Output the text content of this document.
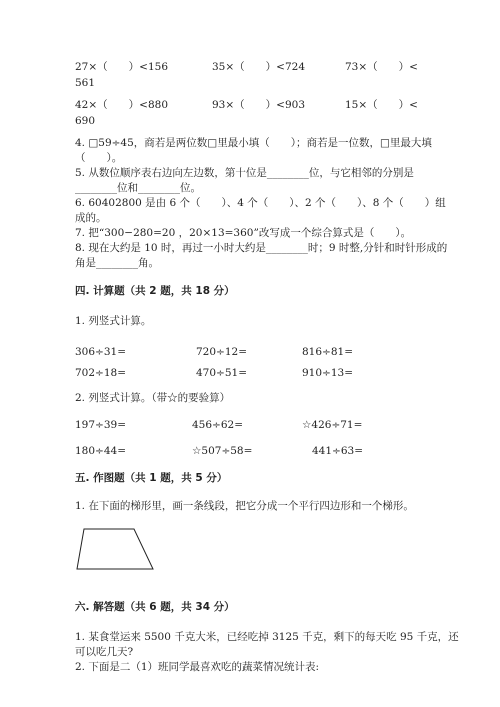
27×（　　）<156	35×（　　）<724	73×（　　）<
561
42×（　　）<880	93×（　　）<903	15×（　　）<
690
4. □59÷45，商若是两位数□里最小填（　　）；商若是一位数，□里最大填
（　　）。
5. 从数位顺序表右边向左边数，第十位是________位，与它相邻的分别是
________位和________位。
6. 60402800 是由 6 个（　　）、4 个（　　）、2 个（　　）、8 个（　　）组
成的。
7. 把“300−280=20 ，20×13=360”改写成一个综合算式是（　　）。
8. 现在大约是 10 时，再过一小时大约是________时；9 时整,分针和时针形成的
角是________角。
四. 计算题（共 2 题，共 18 分）
1. 列竖式计算。
306÷31=	720÷12=	816÷81=
702÷18=	470÷51=	910÷13=
2. 列竖式计算。（带☆的要验算）
197÷39=	456÷62=	☆426÷71=
180÷44=	☆507÷58=	441÷63=
五. 作图题（共 1 题，共 5 分）
1. 在下面的梯形里，画一条线段，把它分成一个平行四边形和一个梯形。
六. 解答题（共 6 题，共 34 分）
1. 某食堂运来 5500 千克大米，已经吃掉 3125 千克，剩下的每天吃 95 千克，还
可以吃几天?
2. 下面是二（1）班同学最喜欢吃的蔬菜情况统计表:
